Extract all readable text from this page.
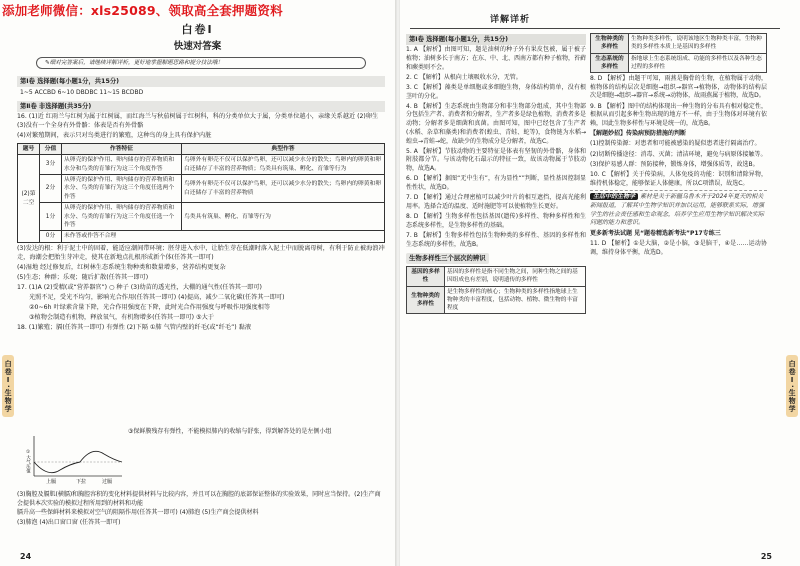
添加老师微信：xls25089、领取高全套押题资料
白卷Ⅰ
快速对答案
✎细对完答案后，请继续详解详析，更好地掌握解题思路和提分技法哦！
第Ⅰ卷 选择题(每小题1分，共15分)
1~5 ACCBD 6~10 DBDBC 11~15 BCDBD
第Ⅱ卷 非选择题(共35分)
16. (1)近 红雨兰与红树为属于红树属，而红海兰与秋茄树属于红树科，科的分类单位大于属，分类单位越小，亲缘关系越近 (2)卵生 (3)没有一个全身有外骨骼：体表是否有外骨骼
(4)对繁殖期间，表示只对鸟类进行的繁殖，这种鸟的身上具有保护内脏
题号	分值	作答特征	典型作答
(2)第二空	3分	从卵壳的保护作用、卵内储存的营养物质和水分和鸟类的育雏行为这三个角度作答	鸟卵外有卵壳不仅可以保护鸟卵，还可以减少水分的散失；鸟卵内的卵黄和卵白还储存了丰富的营养物质；鸟类具有筑巢、孵化、育雏等行为
	2分	从卵壳的保护作用、卵内储存的营养物质和水分、鸟类的育雏行为这三个角度任选两个作答	鸟卵外有卵壳不仅可以保护鸟卵，还可以减少水分的散失；鸟卵内的卵黄和卵白还储存了丰富的营养物质
	1分	从卵壳的保护作用、卵内储存的营养物质和水分、鸟类的育雏行为这三个角度任选一个作答	鸟类具有筑巢、孵化、育雏等行为
	0分	未作答或作答不合理	
(3)发达的根：利于泥土中的固着，能适应潮间带环境；胚芽进入水中，让胎生芽在低潮时落入泥土中而脱离母树，有利于防止被海浪冲走，海潮会把胎生芽冲走，使其在新地点扎根形成新个体(任答其一即可)
(4)湿地 经过修复后，红树林生态系统生物种类和数量增多，营养结构更复杂
(5)生态；种群；乐观；随后扩散(任答其一即可)
17. (1)A (2)受精(或“营养器官”) ○ 种子 (3)幼苗的透光性，大棚的通气性(任答其一即可)
光照不足，受光不均匀，影响光合作用(任答其一即可) (4)提高，减少二氧化碳(任答其一即可)
②0~6h 叶绿素含量下降，光合作用强度在下降，此时光合作用强度与呼吸作用强度相等
③植物会制造有机物，释放氧气，有机物增多(任答其一即可) ⑤大于
18. (1)繁殖；膈(任答其一即可) 有弹性 (2)下隔 ①肺 气管内壁的纤毛(或“纤毛”) 黏液
①大气压值
上膈	下拉	过膈
③保鲜膜残存有弹性，不能模拟肺内的收缩与舒张，得到解答处的是左侧小组
(3)胸腔及膈肌(横膈)和胸腔容积的变化材料提供材料与比较内容，并且可以在胸腔的底部保证整体的实验效果，同时应当保持。(2)生产商会提供本次实验的模拟过程所用到的材料和功能
膈升高一些保鲜材料来模拟对空气的阻隔作用(任答其一即可) (4)肺泡 (5)生产商会提供材料
(3)肺泡 (4)出口窗口窗 (任答其一即可)
白卷Ⅰ·生物学
24
详解详析
第Ⅰ卷 选择题(每小题1分，共15分)
1. A 【解析】由图可知，题是油树的种子外有果皮包被，属于被子植物；油树多长于南方；在东、中、北、西南方都有种子植物，苔藓和蕨类则不会。
2. C 【解析】从根向土壤吸收水分，无管。
3. C 【解析】藻类是单细胞或多细胞生物，身体结构简单，没有根茎叶的分化。
4. B 【解析】生态系统由生物部分和非生物部分组成，其中生物部分包括生产者、消费者和分解者，生产者多是绿色植物，消费者多是动物；分解者多是细菌和真菌。由图可知，图中已经包含了生产者(水稻、杂草和藻类)和消费者(蝗虫、青蛙、蛇等)，食物链为水稻→蝗虫→青蛙→蛇，故缺少的生物成分是分解者，故选C。
5. A 【解析】节肢动物的主要特征是体表有坚韧的外骨骼，身体和附肢都分节。与该动物化石最示的特征一致，故该动物属于节肢动物，故选A。
6. D 【解析】据图“无中生有”，有为显性“”判断，显性基因控制显性性状，故选D。
7. D 【解析】通过合理密植可以减少叶片的相互遮挡，提高光能利用率。选择合适的温度、适时施肥等可以使植物生长更好。
8. D 【解析】生物多样性包括基因(遗传)多样性、物种多样性和生态系统多样性，是生物多样性的基础。
7. B 【解析】生物多样性包括生物种类的多样性、基因的多样性和生态系统的多样性，故选B。
生物多样性三个层次的辨识
基因的多样性	基因的多样性是指不同生物之间，同种生物之间的基因组成也有差别，说明遗传的多样性
生物种类的多样性	是生物多样性的核心；生物种类的多样性指地球上生物种类的丰富程度，包括动物、植物、微生物的丰富程度
生物种类的多样性	生物种类多样性，说明该地区生物种类丰富，生物种类的多样性本质上是基因的多样性
生态系统的多样性	指地球上生态系统组成、功能的多样性以及各种生态过程的多样性
8. D 【解析】由题干可知，雨燕是胸骨的生物，在植物属于动物，植物体的结构层次是细胞→组织→器官→植物体，动物体的结构层次是细胞→组织→器官→系统→动物体，故雨燕属于植物，故选D。
9. B 【解析】图中的结构体现出一种生物的分布具有相对稳定性，根据从而引起多种生物出现的地方不一样，由于生物体对环境有依赖，因此生物多样性与环境是统一的，故选B。
【解题妙招】传染病预防措施的判断
(1)控制传染源：对患者和可能被感染的疑似患者进行隔离治疗。
(2)切断传播途径：消毒、灭菌；清洁环境，避免与病原体接触等。
(3)保护易感人群：预防接种，锻炼身体，增强体质等，故选B。
10. C 【解析】关于传染病，人体免疫的功能：识别和清除异物，维持机体稳定，能够保证人体健康，所以C项错误，故选C。
生活中的生物学 素材是关于新疆乌鲁木齐于2024年夏天的相关新闻报道，了解其中生物学知识并加以运用，能够联系实际，增强学生的社会责任感和生命观念，培养学生应用生物学知识解决实际问题的能力和意识。
更多新考法试题 见“题卷精选新考法”P17专练三
11. D 【解析】①是大脑，②是小脑，③是脑干，④是……运动协调，维持身体平衡，故选D。
白卷Ⅰ·生物学
25
